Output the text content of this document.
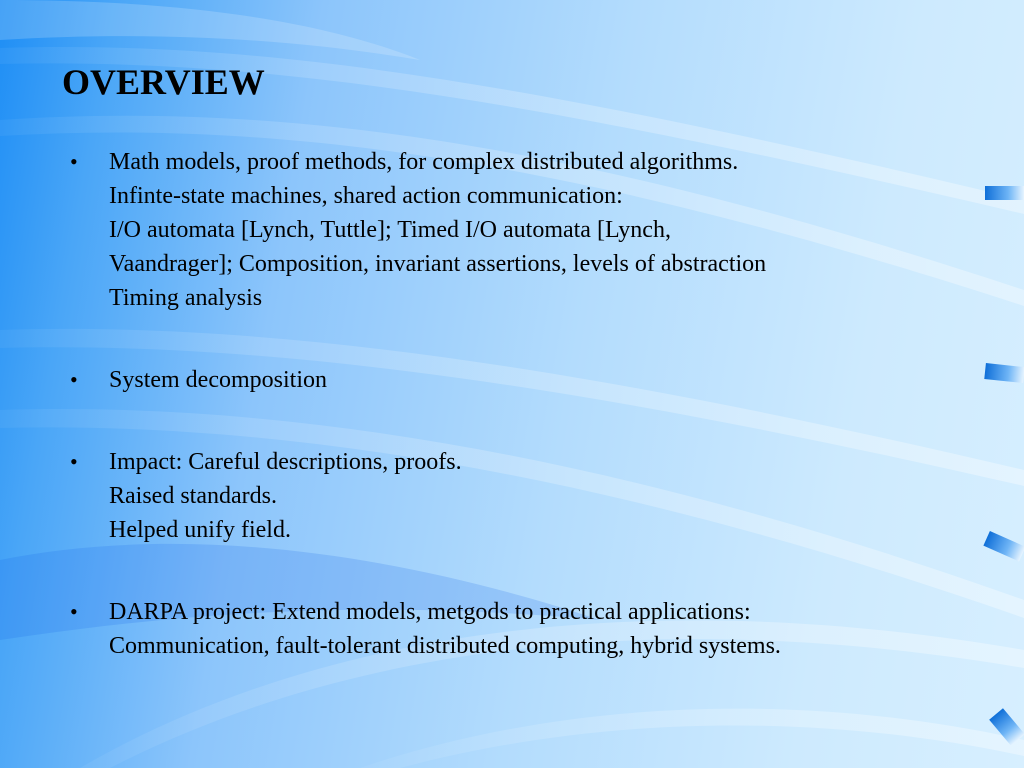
OVERVIEW
• Math models, proof methods, for complex distributed algorithms.
Infinte-state machines, shared action communication:
I/O automata [Lynch, Tuttle]; Timed I/O automata [Lynch,
Vaandrager]; Composition, invariant assertions, levels of abstraction
Timing analysis
• System decomposition
• Impact: Careful descriptions, proofs.
Raised standards.
Helped unify field.
• DARPA project: Extend models, metgods to practical applications:
Communication, fault-tolerant distributed computing, hybrid systems.
